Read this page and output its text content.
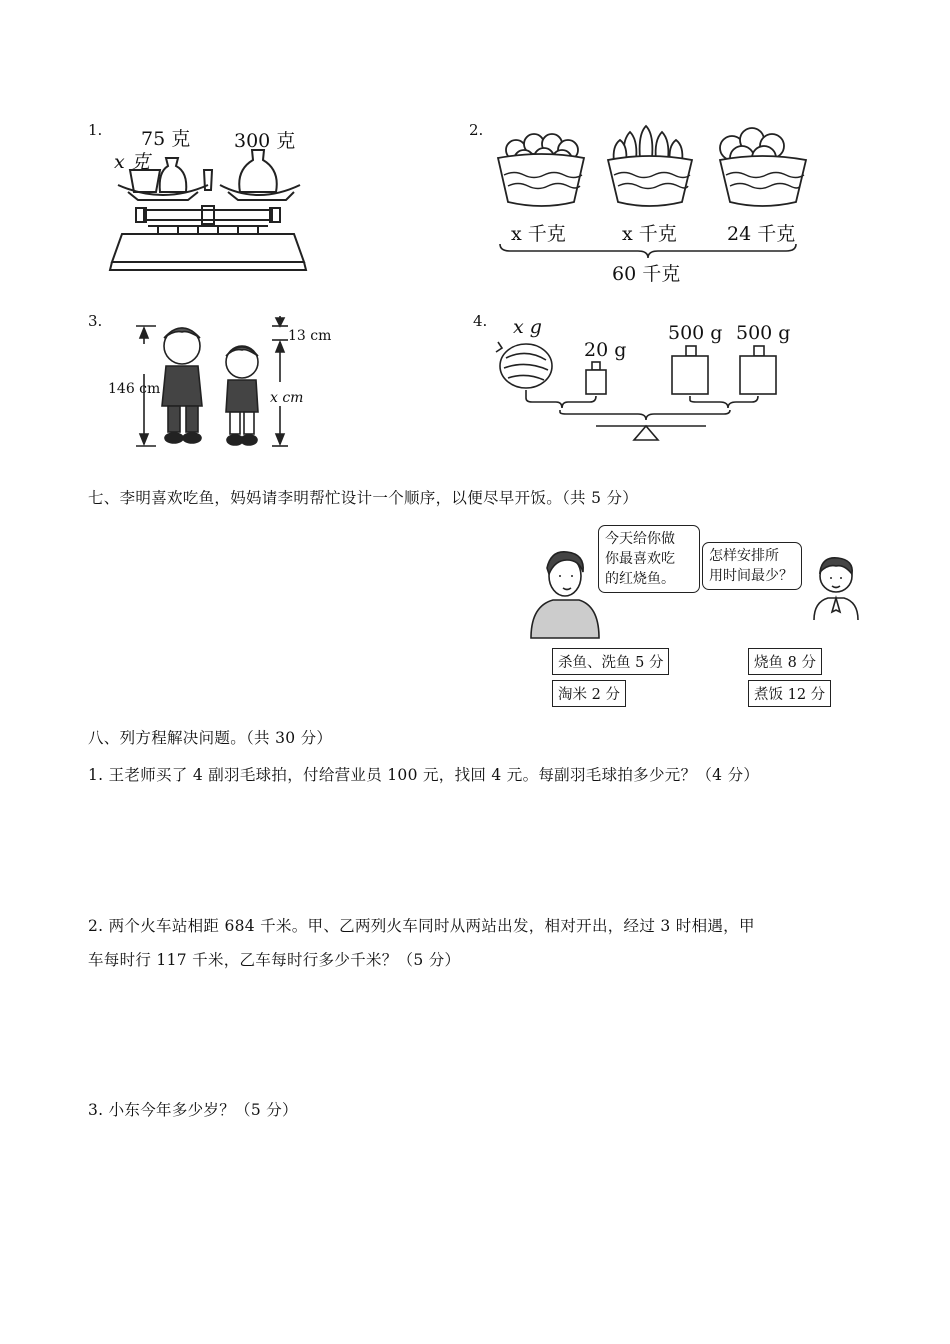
1. 75 克 300 克
x 克
2.
x 千克	x 千克	24 千克
60 千克
3.
146 cm
13 cm
x cm
4. x g
20 g
500 g 500 g
七、李明喜欢吃鱼，妈妈请李明帮忙设计一个顺序，以便尽早开饭。（共 5 分）
今天给你做
你最喜欢吃
的红烧鱼。
怎样安排所
用时间最少？
杀鱼、洗鱼 5 分	烧鱼 8 分
淘米 2 分	煮饭 12 分
八、列方程解决问题。（共 30 分）
1. 王老师买了 4 副羽毛球拍，付给营业员 100 元，找回 4 元。每副羽毛球拍多少元？（4 分）
2. 两个火车站相距 684 千米。甲、乙两列火车同时从两站出发，相对开出，经过 3 时相遇，甲
车每时行 117 千米，乙车每时行多少千米？（5 分）
3. 小东今年多少岁？（5 分）
